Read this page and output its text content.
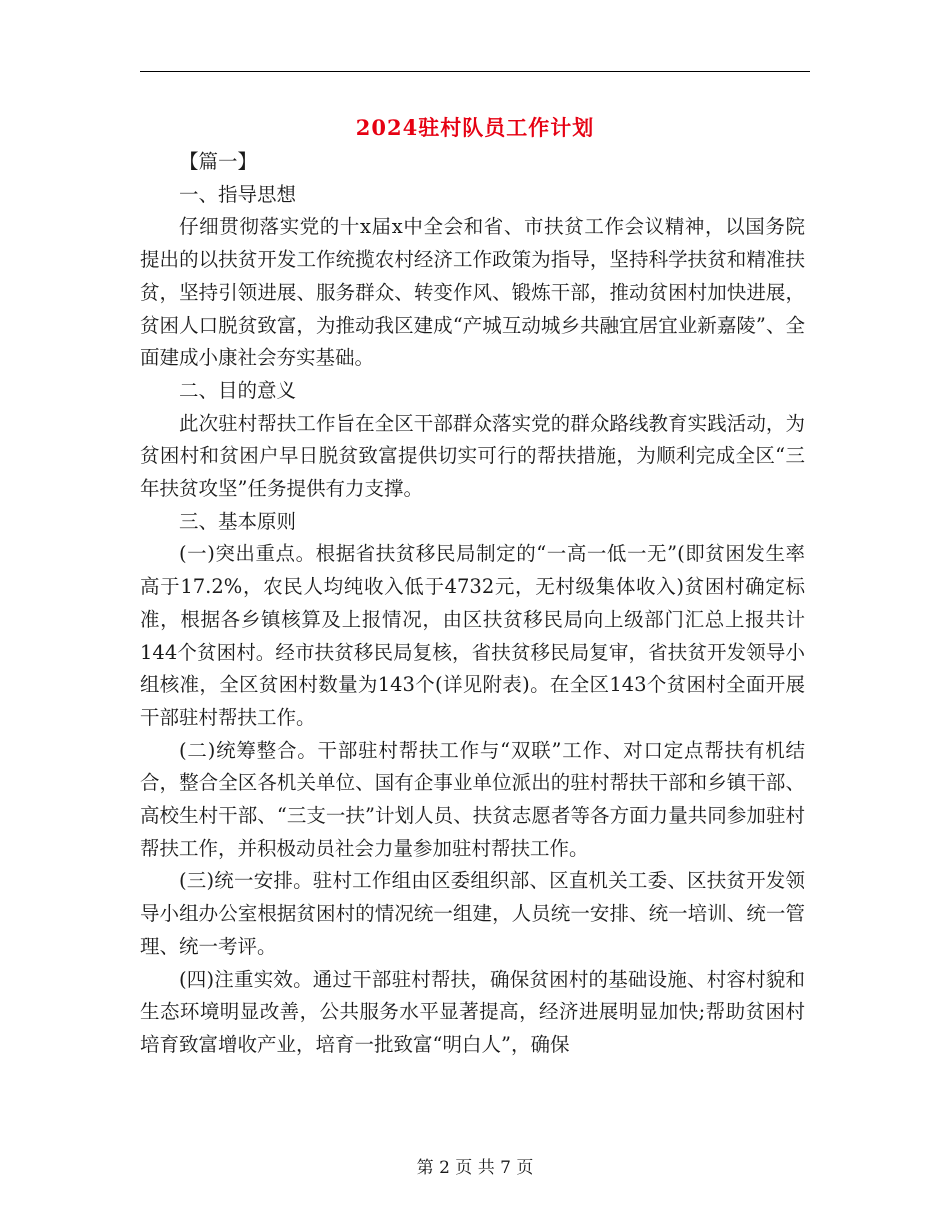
2024驻村队员工作计划

【篇一】

一、指导思想

仔细贯彻落实党的十x届x中全会和省、市扶贫工作会议精神，以国务院提出的以扶贫开发工作统揽农村经济工作政策为指导，坚持科学扶贫和精准扶贫，坚持引领进展、服务群众、转变作风、锻炼干部，推动贫困村加快进展，贫困人口脱贫致富，为推动我区建成“产城互动城乡共融宜居宜业新嘉陵”、全面建成小康社会夯实基础。

二、目的意义

此次驻村帮扶工作旨在全区干部群众落实党的群众路线教育实践活动，为贫困村和贫困户早日脱贫致富提供切实可行的帮扶措施，为顺利完成全区“三年扶贫攻坚”任务提供有力支撑。

三、基本原则

(一)突出重点。根据省扶贫移民局制定的“一高一低一无”(即贫困发生率高于17.2%，农民人均纯收入低于4732元，无村级集体收入)贫困村确定标准，根据各乡镇核算及上报情况，由区扶贫移民局向上级部门汇总上报共计144个贫困村。经市扶贫移民局复核，省扶贫移民局复审，省扶贫开发领导小组核准，全区贫困村数量为143个(详见附表)。在全区143个贫困村全面开展干部驻村帮扶工作。

(二)统筹整合。干部驻村帮扶工作与“双联”工作、对口定点帮扶有机结合，整合全区各机关单位、国有企事业单位派出的驻村帮扶干部和乡镇干部、高校生村干部、“三支一扶”计划人员、扶贫志愿者等各方面力量共同参加驻村帮扶工作，并积极动员社会力量参加驻村帮扶工作。

(三)统一安排。驻村工作组由区委组织部、区直机关工委、区扶贫开发领导小组办公室根据贫困村的情况统一组建，人员统一安排、统一培训、统一管理、统一考评。

(四)注重实效。通过干部驻村帮扶，确保贫困村的基础设施、村容村貌和生态环境明显改善，公共服务水平显著提高，经济进展明显加快;帮助贫困村培育致富增收产业，培育一批致富“明白人”，确保

第 2 页 共 7 页
